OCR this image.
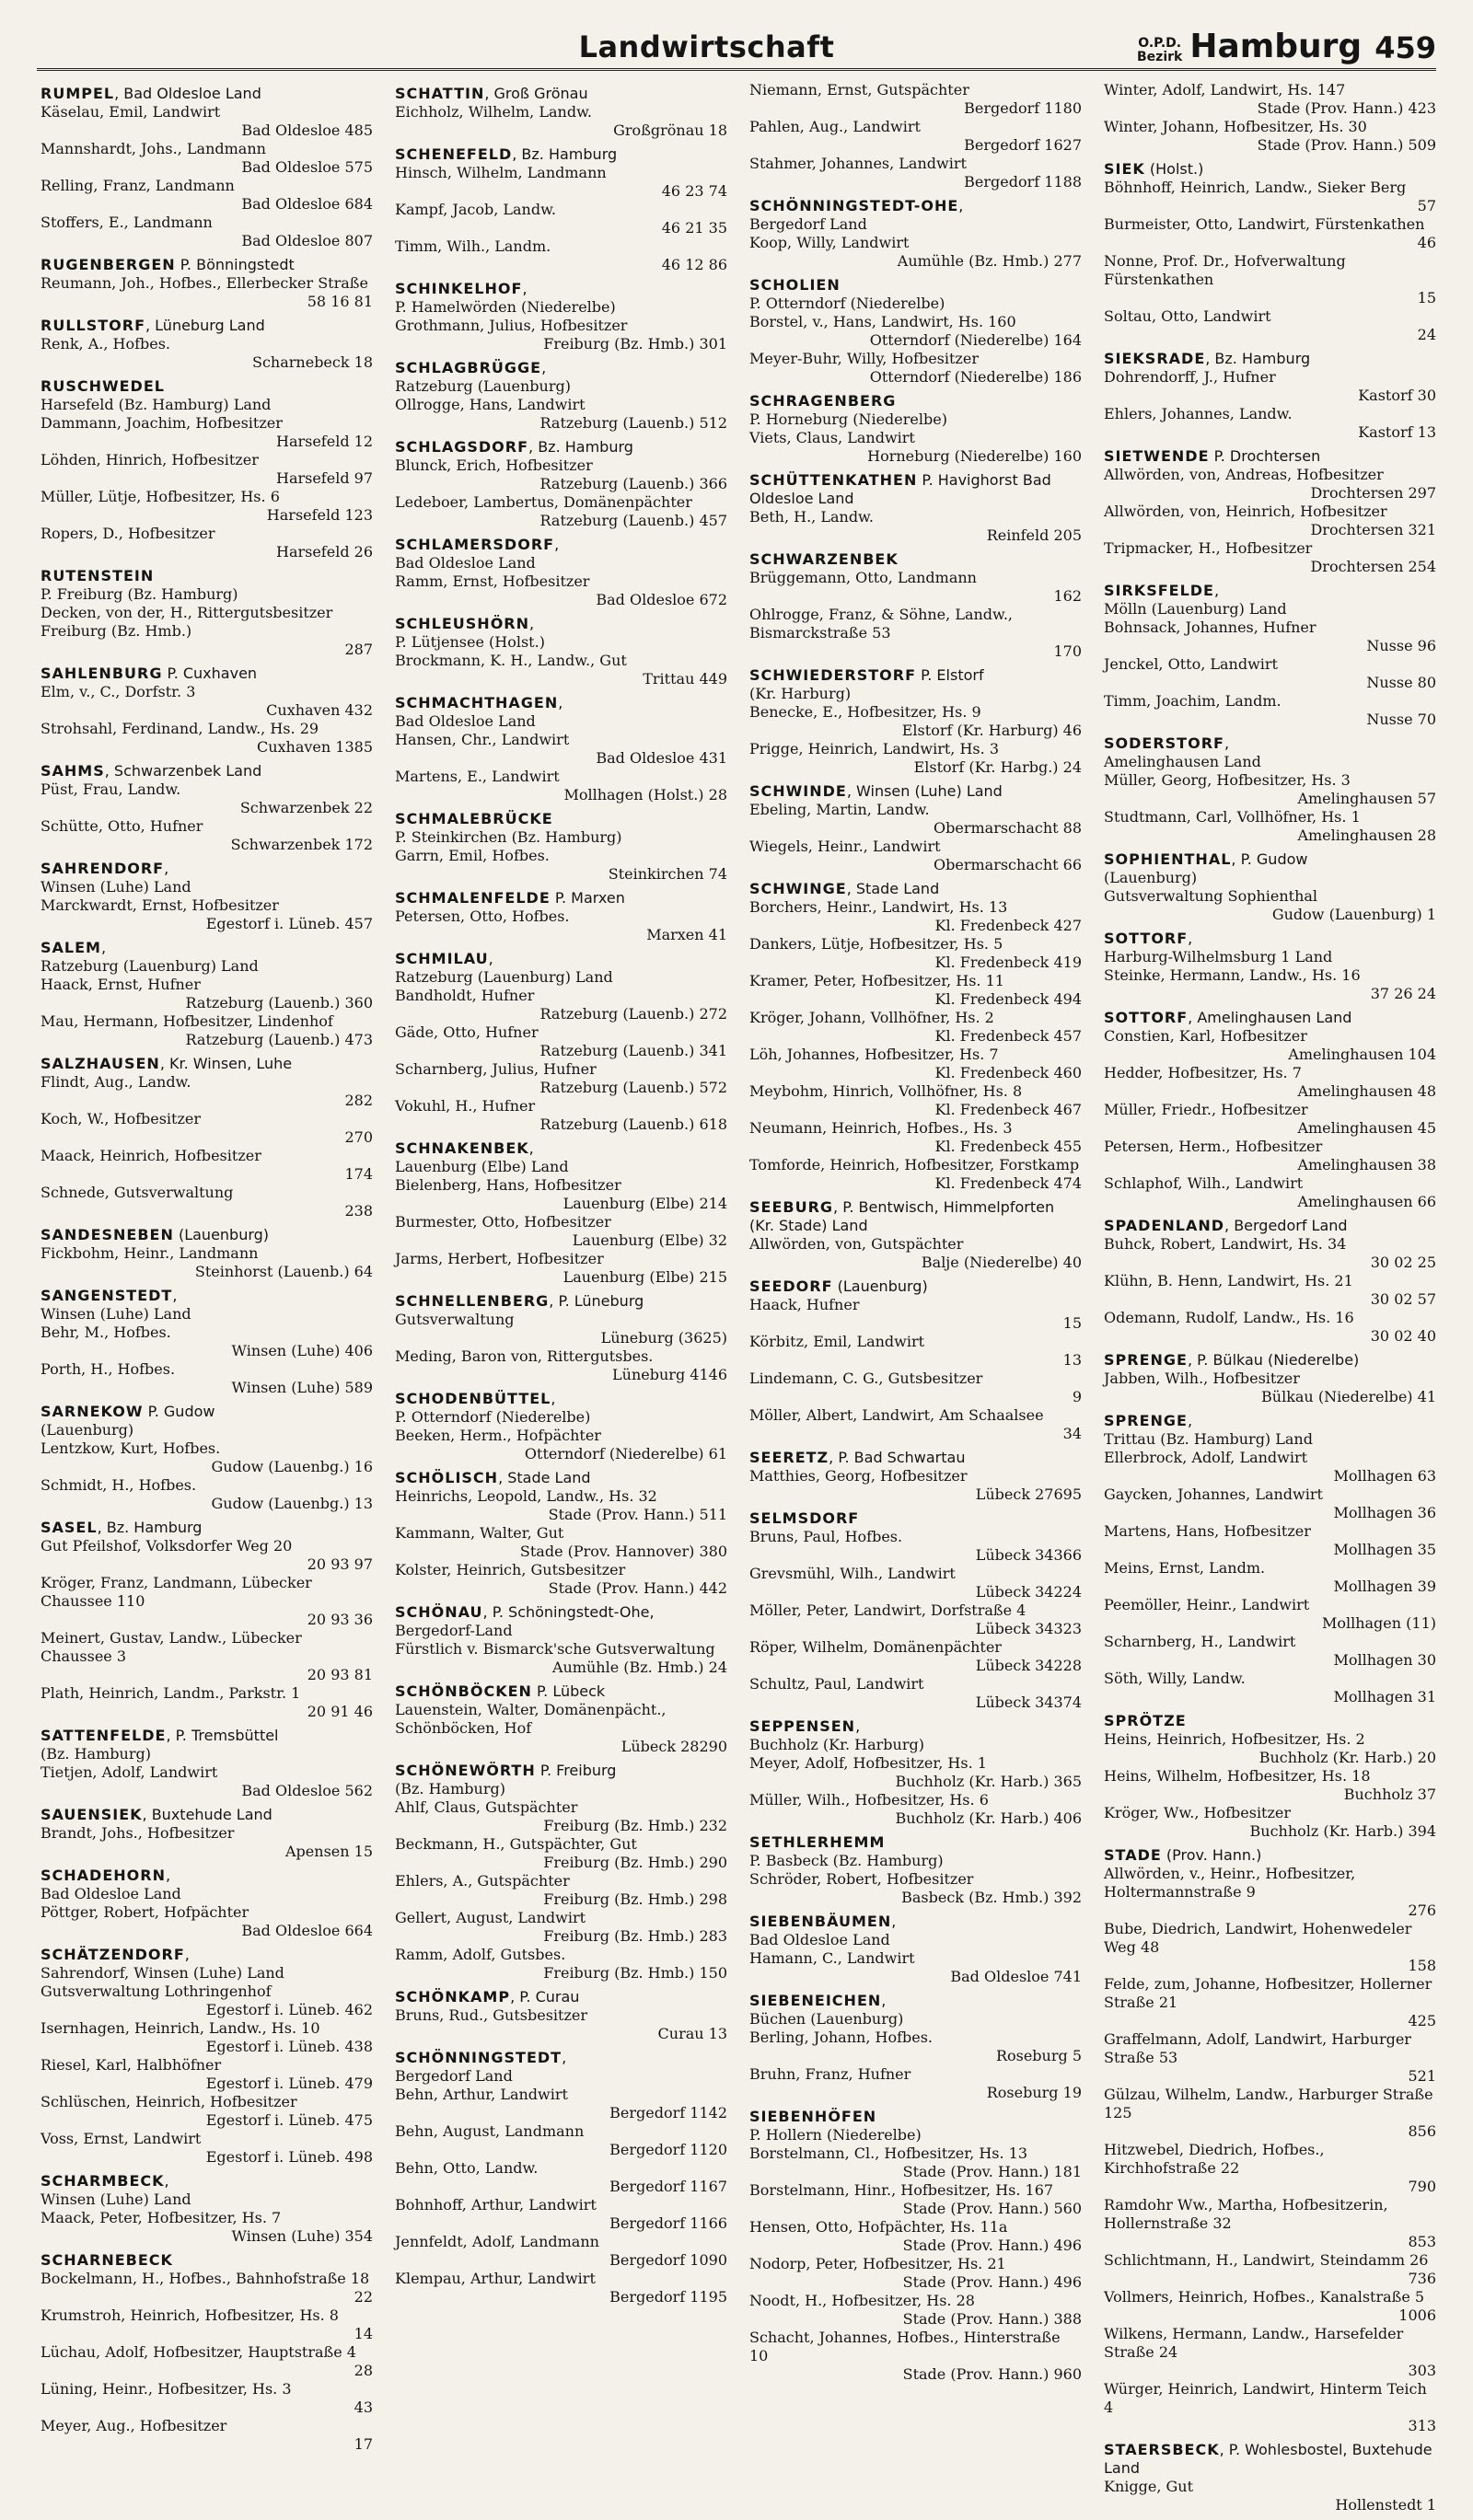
Landwirtschaft	O.P.D.
Bezirk Hamburg 459
RUMPEL, Bad Oldesloe Land
Käselau, Emil, Landwirt
Bad Oldesloe 485
Mannshardt, Johs., Landmann
Bad Oldesloe 575
Relling, Franz, Landmann
Bad Oldesloe 684
Stoffers, E., Landmann
Bad Oldesloe 807
RUGENBERGEN P. Bönningstedt
Reumann, Joh., Hofbes., Ellerbecker Straße
58 16 81
RULLSTORF, Lüneburg Land
Renk, A., Hofbes.
Scharnebeck 18
RUSCHWEDEL
Harsefeld (Bz. Hamburg) Land
Dammann, Joachim, Hofbesitzer
Harsefeld 12
Löhden, Hinrich, Hofbesitzer
Harsefeld 97
Müller, Lütje, Hofbesitzer, Hs. 6
Harsefeld 123
Ropers, D., Hofbesitzer
Harsefeld 26
RUTENSTEIN
P. Freiburg (Bz. Hamburg)
Decken, von der, H., Rittergutsbesitzer Freiburg (Bz. Hmb.)
287
SAHLENBURG P. Cuxhaven
Elm, v., C., Dorfstr. 3
Cuxhaven 432
Strohsahl, Ferdinand, Landw., Hs. 29
Cuxhaven 1385
SAHMS, Schwarzenbek Land
Püst, Frau, Landw.
Schwarzenbek 22
Schütte, Otto, Hufner
Schwarzenbek 172
SAHRENDORF,
Winsen (Luhe) Land
Marckwardt, Ernst, Hofbesitzer
Egestorf i. Lüneb. 457
SALEM,
Ratzeburg (Lauenburg) Land
Haack, Ernst, Hufner
Ratzeburg (Lauenb.) 360
Mau, Hermann, Hofbesitzer, Lindenhof
Ratzeburg (Lauenb.) 473
SALZHAUSEN, Kr. Winsen, Luhe
Flindt, Aug., Landw.
282
Koch, W., Hofbesitzer
270
Maack, Heinrich, Hofbesitzer
174
Schnede, Gutsverwaltung
238
SANDESNEBEN (Lauenburg)
Fickbohm, Heinr., Landmann
Steinhorst (Lauenb.) 64
SANGENSTEDT,
Winsen (Luhe) Land
Behr, M., Hofbes.
Winsen (Luhe) 406
Porth, H., Hofbes.
Winsen (Luhe) 589
SARNEKOW P. Gudow
(Lauenburg)
Lentzkow, Kurt, Hofbes.
Gudow (Lauenbg.) 16
Schmidt, H., Hofbes.
Gudow (Lauenbg.) 13
SASEL, Bz. Hamburg
Gut Pfeilshof, Volksdorfer Weg 20
20 93 97
Kröger, Franz, Landmann, Lübecker Chaussee 110
20 93 36
Meinert, Gustav, Landw., Lübecker Chaussee 3
20 93 81
Plath, Heinrich, Landm., Parkstr. 1
20 91 46
SATTENFELDE, P. Tremsbüttel
(Bz. Hamburg)
Tietjen, Adolf, Landwirt
Bad Oldesloe 562
SAUENSIEK, Buxtehude Land
Brandt, Johs., Hofbesitzer
Apensen 15
SCHADEHORN,
Bad Oldesloe Land
Pöttger, Robert, Hofpächter
Bad Oldesloe 664
SCHÄTZENDORF,
Sahrendorf, Winsen (Luhe) Land
Gutsverwaltung Lothringenhof
Egestorf i. Lüneb. 462
Isernhagen, Heinrich, Landw., Hs. 10
Egestorf i. Lüneb. 438
Riesel, Karl, Halbhöfner
Egestorf i. Lüneb. 479
Schlüschen, Heinrich, Hofbesitzer
Egestorf i. Lüneb. 475
Voss, Ernst, Landwirt
Egestorf i. Lüneb. 498
SCHARMBECK,
Winsen (Luhe) Land
Maack, Peter, Hofbesitzer, Hs. 7
Winsen (Luhe) 354
SCHARNEBECK
Bockelmann, H., Hofbes., Bahnhofstraße 18
22
Krumstroh, Heinrich, Hofbesitzer, Hs. 8
14
Lüchau, Adolf, Hofbesitzer, Hauptstraße 4
28
Lüning, Heinr., Hofbesitzer, Hs. 3
43
Meyer, Aug., Hofbesitzer
17
SCHATTIN, Groß Grönau
Eichholz, Wilhelm, Landw.
Großgrönau 18
SCHENEFELD, Bz. Hamburg
Hinsch, Wilhelm, Landmann
46 23 74
Kampf, Jacob, Landw.
46 21 35
Timm, Wilh., Landm.
46 12 86
SCHINKELHOF,
P. Hamelwörden (Niederelbe)
Grothmann, Julius, Hofbesitzer
Freiburg (Bz. Hmb.) 301
SCHLAGBRÜGGE,
Ratzeburg (Lauenburg)
Ollrogge, Hans, Landwirt
Ratzeburg (Lauenb.) 512
SCHLAGSDORF, Bz. Hamburg
Blunck, Erich, Hofbesitzer
Ratzeburg (Lauenb.) 366
Ledeboer, Lambertus, Domänenpächter
Ratzeburg (Lauenb.) 457
SCHLAMERSDORF,
Bad Oldesloe Land
Ramm, Ernst, Hofbesitzer
Bad Oldesloe 672
SCHLEUSHÖRN,
P. Lütjensee (Holst.)
Brockmann, K. H., Landw., Gut
Trittau 449
SCHMACHTHAGEN,
Bad Oldesloe Land
Hansen, Chr., Landwirt
Bad Oldesloe 431
Martens, E., Landwirt
Mollhagen (Holst.) 28
SCHMALEBRÜCKE
P. Steinkirchen (Bz. Hamburg)
Garrn, Emil, Hofbes.
Steinkirchen 74
SCHMALENFELDE P. Marxen
Petersen, Otto, Hofbes.
Marxen 41
SCHMILAU,
Ratzeburg (Lauenburg) Land
Bandholdt, Hufner
Ratzeburg (Lauenb.) 272
Gäde, Otto, Hufner
Ratzeburg (Lauenb.) 341
Scharnberg, Julius, Hufner
Ratzeburg (Lauenb.) 572
Vokuhl, H., Hufner
Ratzeburg (Lauenb.) 618
SCHNAKENBEK,
Lauenburg (Elbe) Land
Bielenberg, Hans, Hofbesitzer
Lauenburg (Elbe) 214
Burmester, Otto, Hofbesitzer
Lauenburg (Elbe) 32
Jarms, Herbert, Hofbesitzer
Lauenburg (Elbe) 215
SCHNELLENBERG, P. Lüneburg
Gutsverwaltung
Lüneburg (3625)
Meding, Baron von, Rittergutsbes.
Lüneburg 4146
SCHODENBÜTTEL,
P. Otterndorf (Niederelbe)
Beeken, Herm., Hofpächter
Otterndorf (Niederelbe) 61
SCHÖLISCH, Stade Land
Heinrichs, Leopold, Landw., Hs. 32
Stade (Prov. Hann.) 511
Kammann, Walter, Gut
Stade (Prov. Hannover) 380
Kolster, Heinrich, Gutsbesitzer
Stade (Prov. Hann.) 442
SCHÖNAU, P. Schöningstedt-Ohe,
Bergedorf-Land
Fürstlich v. Bismarck'sche Gutsverwaltung
Aumühle (Bz. Hmb.) 24
SCHÖNBÖCKEN P. Lübeck
Lauenstein, Walter, Domänenpächt., Schönböcken, Hof
Lübeck 28290
SCHÖNEWÖRTH P. Freiburg
(Bz. Hamburg)
Ahlf, Claus, Gutspächter
Freiburg (Bz. Hmb.) 232
Beckmann, H., Gutspächter, Gut
Freiburg (Bz. Hmb.) 290
Ehlers, A., Gutspächter
Freiburg (Bz. Hmb.) 298
Gellert, August, Landwirt
Freiburg (Bz. Hmb.) 283
Ramm, Adolf, Gutsbes.
Freiburg (Bz. Hmb.) 150
SCHÖNKAMP, P. Curau
Bruns, Rud., Gutsbesitzer
Curau 13
SCHÖNNINGSTEDT,
Bergedorf Land
Behn, Arthur, Landwirt
Bergedorf 1142
Behn, August, Landmann
Bergedorf 1120
Behn, Otto, Landw.
Bergedorf 1167
Bohnhoff, Arthur, Landwirt
Bergedorf 1166
Jennfeldt, Adolf, Landmann
Bergedorf 1090
Klempau, Arthur, Landwirt
Bergedorf 1195
Niemann, Ernst, Gutspächter
Bergedorf 1180
Pahlen, Aug., Landwirt
Bergedorf 1627
Stahmer, Johannes, Landwirt
Bergedorf 1188
SCHÖNNINGSTEDT-OHE,
Bergedorf Land
Koop, Willy, Landwirt
Aumühle (Bz. Hmb.) 277
SCHOLIEN
P. Otterndorf (Niederelbe)
Borstel, v., Hans, Landwirt, Hs. 160
Otterndorf (Niederelbe) 164
Meyer-Buhr, Willy, Hofbesitzer
Otterndorf (Niederelbe) 186
SCHRAGENBERG
P. Horneburg (Niederelbe)
Viets, Claus, Landwirt
Horneburg (Niederelbe) 160
SCHÜTTENKATHEN P. Havighorst Bad Oldesloe Land
Beth, H., Landw.
Reinfeld 205
SCHWARZENBEK
Brüggemann, Otto, Landmann
162
Ohlrogge, Franz, & Söhne, Landw., Bismarckstraße 53
170
SCHWIEDERSTORF P. Elstorf
(Kr. Harburg)
Benecke, E., Hofbesitzer, Hs. 9
Elstorf (Kr. Harburg) 46
Prigge, Heinrich, Landwirt, Hs. 3
Elstorf (Kr. Harbg.) 24
SCHWINDE, Winsen (Luhe) Land
Ebeling, Martin, Landw.
Obermarschacht 88
Wiegels, Heinr., Landwirt
Obermarschacht 66
SCHWINGE, Stade Land
Borchers, Heinr., Landwirt, Hs. 13
Kl. Fredenbeck 427
Dankers, Lütje, Hofbesitzer, Hs. 5
Kl. Fredenbeck 419
Kramer, Peter, Hofbesitzer, Hs. 11
Kl. Fredenbeck 494
Kröger, Johann, Vollhöfner, Hs. 2
Kl. Fredenbeck 457
Löh, Johannes, Hofbesitzer, Hs. 7
Kl. Fredenbeck 460
Meybohm, Hinrich, Vollhöfner, Hs. 8
Kl. Fredenbeck 467
Neumann, Heinrich, Hofbes., Hs. 3
Kl. Fredenbeck 455
Tomforde, Heinrich, Hofbesitzer, Forstkamp
Kl. Fredenbeck 474
SEEBURG, P. Bentwisch, Himmelpforten (Kr. Stade) Land
Allwörden, von, Gutspächter
Balje (Niederelbe) 40
SEEDORF (Lauenburg)
Haack, Hufner
15
Körbitz, Emil, Landwirt
13
Lindemann, C. G., Gutsbesitzer
9
Möller, Albert, Landwirt, Am Schaalsee
34
SEERETZ, P. Bad Schwartau
Matthies, Georg, Hofbesitzer
Lübeck 27695
SELMSDORF
Bruns, Paul, Hofbes.
Lübeck 34366
Grevsmühl, Wilh., Landwirt
Lübeck 34224
Möller, Peter, Landwirt, Dorfstraße 4
Lübeck 34323
Röper, Wilhelm, Domänenpächter
Lübeck 34228
Schultz, Paul, Landwirt
Lübeck 34374
SEPPENSEN,
Buchholz (Kr. Harburg)
Meyer, Adolf, Hofbesitzer, Hs. 1
Buchholz (Kr. Harb.) 365
Müller, Wilh., Hofbesitzer, Hs. 6
Buchholz (Kr. Harb.) 406
SETHLERHEMM
P. Basbeck (Bz. Hamburg)
Schröder, Robert, Hofbesitzer
Basbeck (Bz. Hmb.) 392
SIEBENBÄUMEN,
Bad Oldesloe Land
Hamann, C., Landwirt
Bad Oldesloe 741
SIEBENEICHEN,
Büchen (Lauenburg)
Berling, Johann, Hofbes.
Roseburg 5
Bruhn, Franz, Hufner
Roseburg 19
SIEBENHÖFEN
P. Hollern (Niederelbe)
Borstelmann, Cl., Hofbesitzer, Hs. 13
Stade (Prov. Hann.) 181
Borstelmann, Hinr., Hofbesitzer, Hs. 167
Stade (Prov. Hann.) 560
Hensen, Otto, Hofpächter, Hs. 11a
Stade (Prov. Hann.) 496
Nodorp, Peter, Hofbesitzer, Hs. 21
Stade (Prov. Hann.) 496
Noodt, H., Hofbesitzer, Hs. 28
Stade (Prov. Hann.) 388
Schacht, Johannes, Hofbes., Hinterstraße 10
Stade (Prov. Hann.) 960
Winter, Adolf, Landwirt, Hs. 147
Stade (Prov. Hann.) 423
Winter, Johann, Hofbesitzer, Hs. 30
Stade (Prov. Hann.) 509
SIEK (Holst.)
Böhnhoff, Heinrich, Landw., Sieker Berg
57
Burmeister, Otto, Landwirt, Fürstenkathen
46
Nonne, Prof. Dr., Hofverwaltung Fürstenkathen
15
Soltau, Otto, Landwirt
24
SIEKSRADE, Bz. Hamburg
Dohrendorff, J., Hufner
Kastorf 30
Ehlers, Johannes, Landw.
Kastorf 13
SIETWENDE P. Drochtersen
Allwörden, von, Andreas, Hofbesitzer
Drochtersen 297
Allwörden, von, Heinrich, Hofbesitzer
Drochtersen 321
Tripmacker, H., Hofbesitzer
Drochtersen 254
SIRKSFELDE,
Mölln (Lauenburg) Land
Bohnsack, Johannes, Hufner
Nusse 96
Jenckel, Otto, Landwirt
Nusse 80
Timm, Joachim, Landm.
Nusse 70
SODERSTORF,
Amelinghausen Land
Müller, Georg, Hofbesitzer, Hs. 3
Amelinghausen 57
Studtmann, Carl, Vollhöfner, Hs. 1
Amelinghausen 28
SOPHIENTHAL, P. Gudow
(Lauenburg)
Gutsverwaltung Sophienthal
Gudow (Lauenburg) 1
SOTTORF,
Harburg-Wilhelmsburg 1 Land
Steinke, Hermann, Landw., Hs. 16
37 26 24
SOTTORF, Amelinghausen Land
Constien, Karl, Hofbesitzer
Amelinghausen 104
Hedder, Hofbesitzer, Hs. 7
Amelinghausen 48
Müller, Friedr., Hofbesitzer
Amelinghausen 45
Petersen, Herm., Hofbesitzer
Amelinghausen 38
Schlaphof, Wilh., Landwirt
Amelinghausen 66
SPADENLAND, Bergedorf Land
Buhck, Robert, Landwirt, Hs. 34
30 02 25
Klühn, B. Henn, Landwirt, Hs. 21
30 02 57
Odemann, Rudolf, Landw., Hs. 16
30 02 40
SPRENGE, P. Bülkau (Niederelbe)
Jabben, Wilh., Hofbesitzer
Bülkau (Niederelbe) 41
SPRENGE,
Trittau (Bz. Hamburg) Land
Ellerbrock, Adolf, Landwirt
Mollhagen 63
Gaycken, Johannes, Landwirt
Mollhagen 36
Martens, Hans, Hofbesitzer
Mollhagen 35
Meins, Ernst, Landm.
Mollhagen 39
Peemöller, Heinr., Landwirt
Mollhagen (11)
Scharnberg, H., Landwirt
Mollhagen 30
Söth, Willy, Landw.
Mollhagen 31
SPRÖTZE
Heins, Heinrich, Hofbesitzer, Hs. 2
Buchholz (Kr. Harb.) 20
Heins, Wilhelm, Hofbesitzer, Hs. 18
Buchholz 37
Kröger, Ww., Hofbesitzer
Buchholz (Kr. Harb.) 394
STADE (Prov. Hann.)
Allwörden, v., Heinr., Hofbesitzer, Holtermannstraße 9
276
Bube, Diedrich, Landwirt, Hohenwedeler Weg 48
158
Felde, zum, Johanne, Hofbesitzer, Hollerner Straße 21
425
Graffelmann, Adolf, Landwirt, Harburger Straße 53
521
Gülzau, Wilhelm, Landw., Harburger Straße 125
856
Hitzwebel, Diedrich, Hofbes., Kirchhofstraße 22
790
Ramdohr Ww., Martha, Hofbesitzerin, Hollernstraße 32
853
Schlichtmann, H., Landwirt, Steindamm 26
736
Vollmers, Heinrich, Hofbes., Kanalstraße 5
1006
Wilkens, Hermann, Landw., Harsefelder Straße 24
303
Würger, Heinrich, Landwirt, Hinterm Teich 4
313
STAERSBECK, P. Wohlesbostel, Buxtehude Land
Knigge, Gut
Hollenstedt 1
